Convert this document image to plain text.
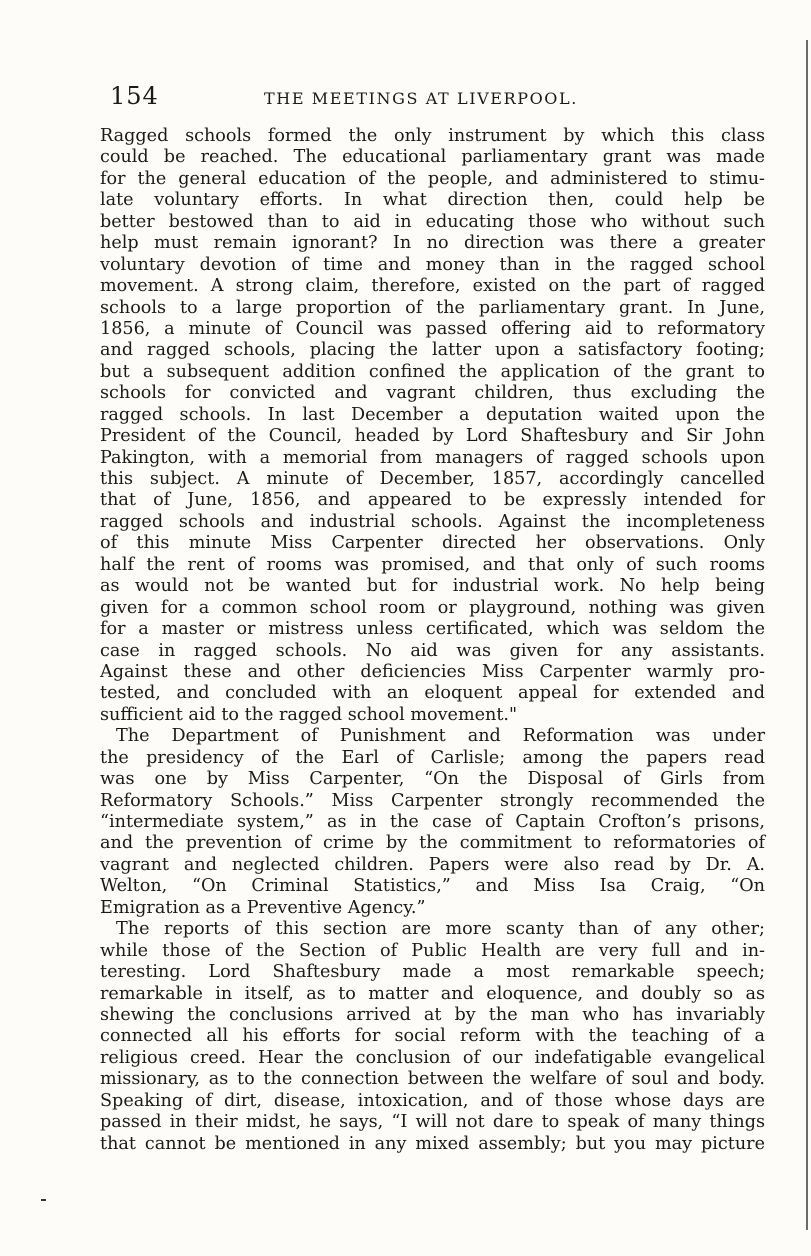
154	THE MEETINGS AT LIVERPOOL.
Ragged schools formed the only instrument by which this class
could be reached. The educational parliamentary grant was made
for the general education of the people, and administered to stimu-
late voluntary efforts. In what direction then, could help be
better bestowed than to aid in educating those who without such
help must remain ignorant? In no direction was there a greater
voluntary devotion of time and money than in the ragged school
movement. A strong claim, therefore, existed on the part of ragged
schools to a large proportion of the parliamentary grant. In June,
1856, a minute of Council was passed offering aid to reformatory
and ragged schools, placing the latter upon a satisfactory footing;
but a subsequent addition confined the application of the grant to
schools for convicted and vagrant children, thus excluding the
ragged schools. In last December a deputation waited upon the
President of the Council, headed by Lord Shaftesbury and Sir John
Pakington, with a memorial from managers of ragged schools upon
this subject. A minute of December, 1857, accordingly cancelled
that of June, 1856, and appeared to be expressly intended for
ragged schools and industrial schools. Against the incompleteness
of this minute Miss Carpenter directed her observations. Only
half the rent of rooms was promised, and that only of such rooms
as would not be wanted but for industrial work. No help being
given for a common school room or playground, nothing was given
for a master or mistress unless certificated, which was seldom the
case in ragged schools. No aid was given for any assistants.
Against these and other deficiencies Miss Carpenter warmly pro-
tested, and concluded with an eloquent appeal for extended and
sufficient aid to the ragged school movement."
The Department of Punishment and Reformation was under
the presidency of the Earl of Carlisle; among the papers read
was one by Miss Carpenter, “On the Disposal of Girls from
Reformatory Schools.” Miss Carpenter strongly recommended the
“intermediate system,” as in the case of Captain Crofton’s prisons,
and the prevention of crime by the commitment to reformatories of
vagrant and neglected children. Papers were also read by Dr. A.
Welton, “On Criminal Statistics,” and Miss Isa Craig, “On
Emigration as a Preventive Agency.”
The reports of this section are more scanty than of any other;
while those of the Section of Public Health are very full and in-
teresting. Lord Shaftesbury made a most remarkable speech;
remarkable in itself, as to matter and eloquence, and doubly so as
shewing the conclusions arrived at by the man who has invariably
connected all his efforts for social reform with the teaching of a
religious creed. Hear the conclusion of our indefatigable evangelical
missionary, as to the connection between the welfare of soul and body.
Speaking of dirt, disease, intoxication, and of those whose days are
passed in their midst, he says, “I will not dare to speak of many things
that cannot be mentioned in any mixed assembly; but you may picture
